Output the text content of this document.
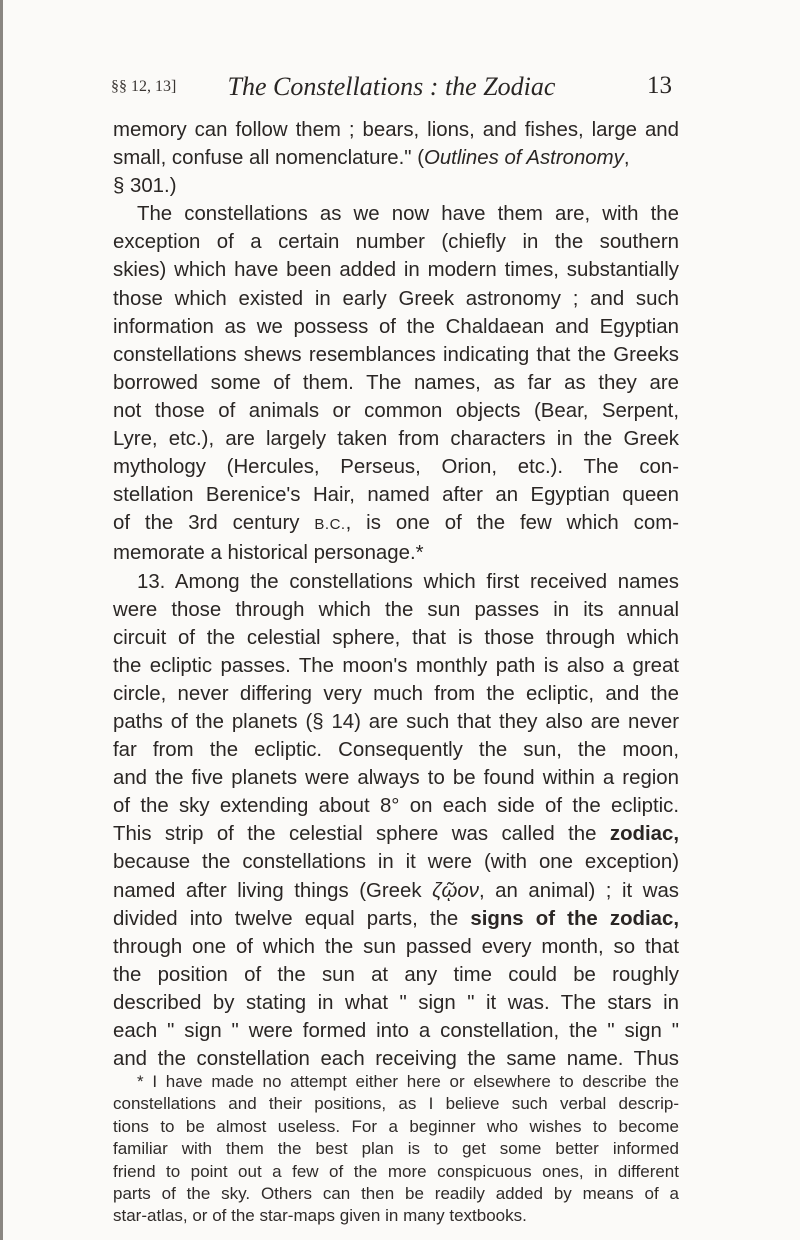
§§ 12, 13]	The Constellations : the Zodiac	13
memory can follow them ; bears, lions, and fishes, large and
small, confuse all nomenclature." (Outlines of Astronomy,
§ 301.)
The constellations as we now have them are, with the
exception of a certain number (chiefly in the southern
skies) which have been added in modern times, substantially
those which existed in early Greek astronomy ; and such
information as we possess of the Chaldaean and Egyptian
constellations shews resemblances indicating that the Greeks
borrowed some of them. The names, as far as they are
not those of animals or common objects (Bear, Serpent,
Lyre, etc.), are largely taken from characters in the Greek
mythology (Hercules, Perseus, Orion, etc.). The con-
stellation Berenice's Hair, named after an Egyptian queen
of the 3rd century B.C., is one of the few which com-
memorate a historical personage.*
13. Among the constellations which first received names
were those through which the sun passes in its annual
circuit of the celestial sphere, that is those through which
the ecliptic passes. The moon's monthly path is also a great
circle, never differing very much from the ecliptic, and the
paths of the planets (§ 14) are such that they also are never
far from the ecliptic. Consequently the sun, the moon,
and the five planets were always to be found within a region
of the sky extending about 8° on each side of the ecliptic.
This strip of the celestial sphere was called the zodiac,
because the constellations in it were (with one exception)
named after living things (Greek ζῷον, an animal) ; it was
divided into twelve equal parts, the signs of the zodiac,
through one of which the sun passed every month, so that
the position of the sun at any time could be roughly
described by stating in what " sign " it was. The stars in
each " sign " were formed into a constellation, the " sign "
and the constellation each receiving the same name. Thus
* I have made no attempt either here or elsewhere to describe the
constellations and their positions, as I believe such verbal descrip-
tions to be almost useless. For a beginner who wishes to become
familiar with them the best plan is to get some better informed
friend to point out a few of the more conspicuous ones, in different
parts of the sky. Others can then be readily added by means of a
star-atlas, or of the star-maps given in many textbooks.
